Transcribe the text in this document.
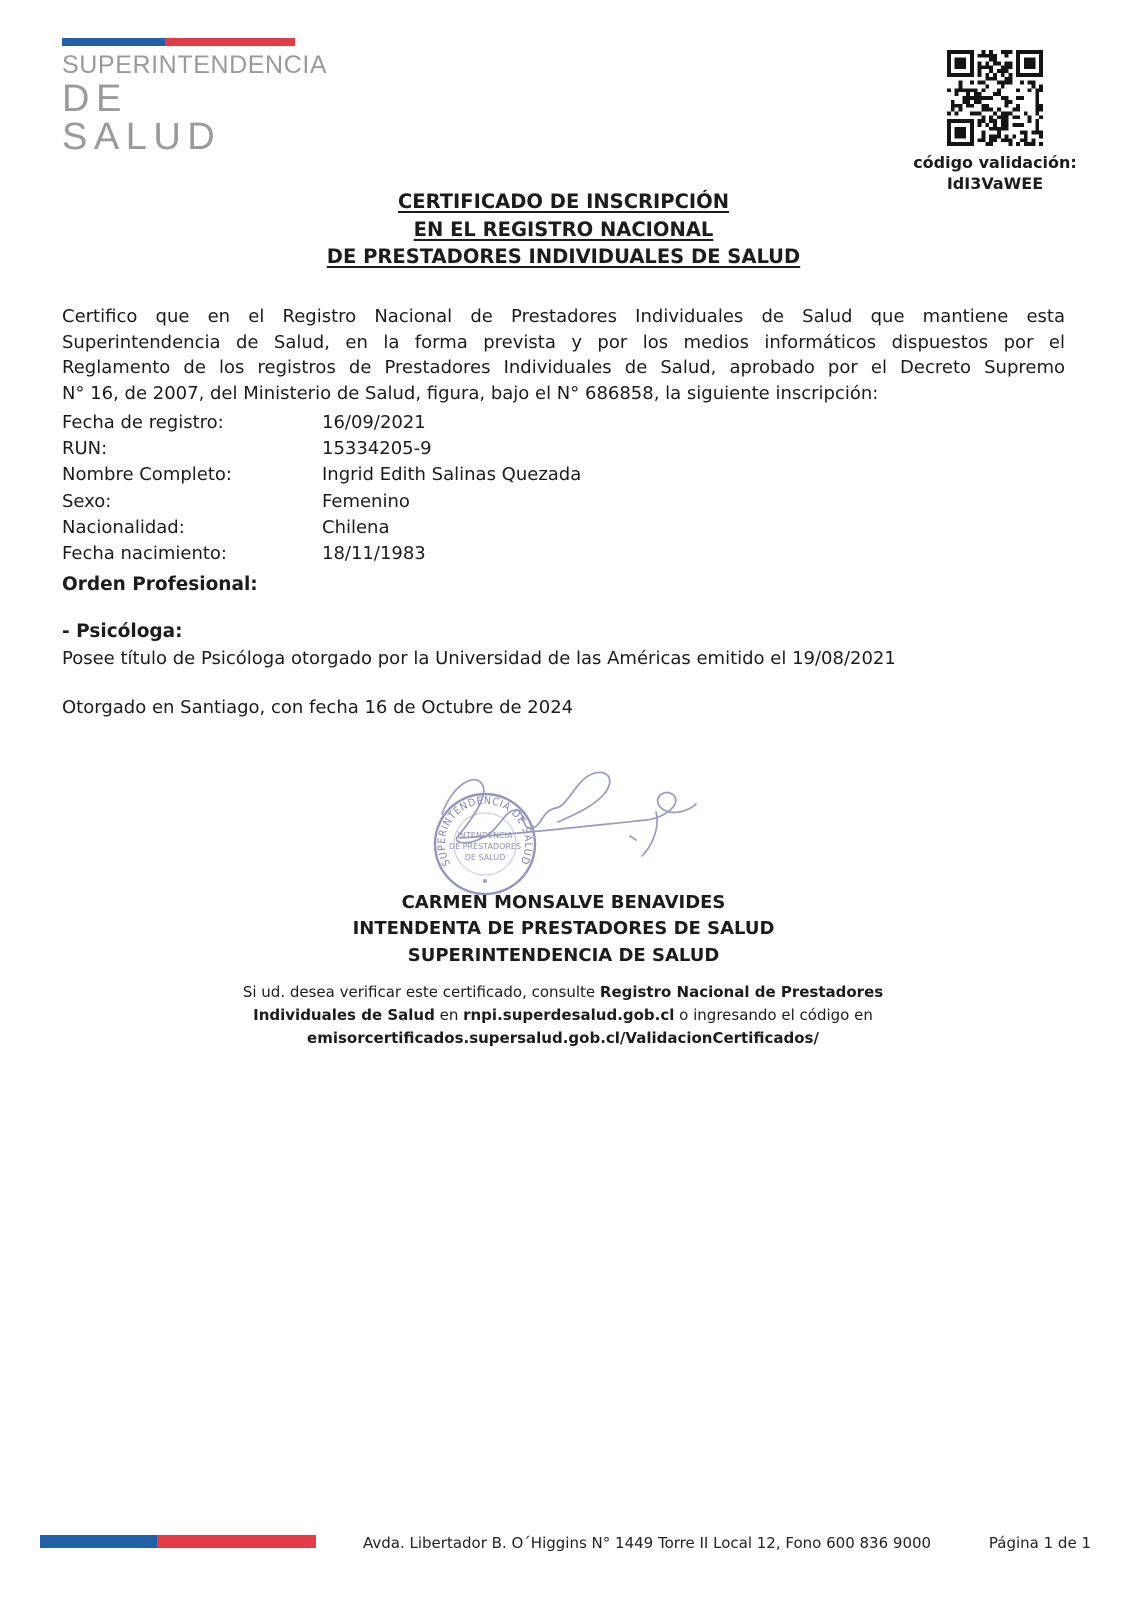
SUPERINTENDENCIA
DE SALUD
código validación:
IdI3VaWEE
CERTIFICADO DE INSCRIPCIÓN
EN EL REGISTRO NACIONAL
DE PRESTADORES INDIVIDUALES DE SALUD
Certifico que en el Registro Nacional de Prestadores Individuales de Salud que mantiene esta
Superintendencia de Salud, en la forma prevista y por los medios informáticos dispuestos por el
Reglamento de los registros de Prestadores Individuales de Salud, aprobado por el Decreto Supremo
N° 16, de 2007, del Ministerio de Salud, figura, bajo el N° 686858, la siguiente inscripción:
Fecha de registro:	16/09/2021
RUN:	15334205-9
Nombre Completo:	Ingrid Edith Salinas Quezada
Sexo:	Femenino
Nacionalidad:	Chilena
Fecha nacimiento:	18/11/1983
Orden Profesional:
- Psicóloga:
Posee título de Psicóloga otorgado por la Universidad de las Américas emitido el 19/08/2021
Otorgado en Santiago, con fecha 16 de Octubre de 2024
SUPERINTENDENCIA DE SALUD
INTENDENCIA
DE PRESTADORES
DE SALUD
CARMEN MONSALVE BENAVIDES
INTENDENTA DE PRESTADORES DE SALUD
SUPERINTENDENCIA DE SALUD
Si ud. desea verificar este certificado, consulte Registro Nacional de Prestadores Individuales de Salud en rnpi.superdesalud.gob.cl o ingresando el código en emisorcertificados.supersalud.gob.cl/ValidacionCertificados/
Avda. Libertador B. O´Higgins N° 1449 Torre II Local 12, Fono 600 836 9000	Página 1 de 1
